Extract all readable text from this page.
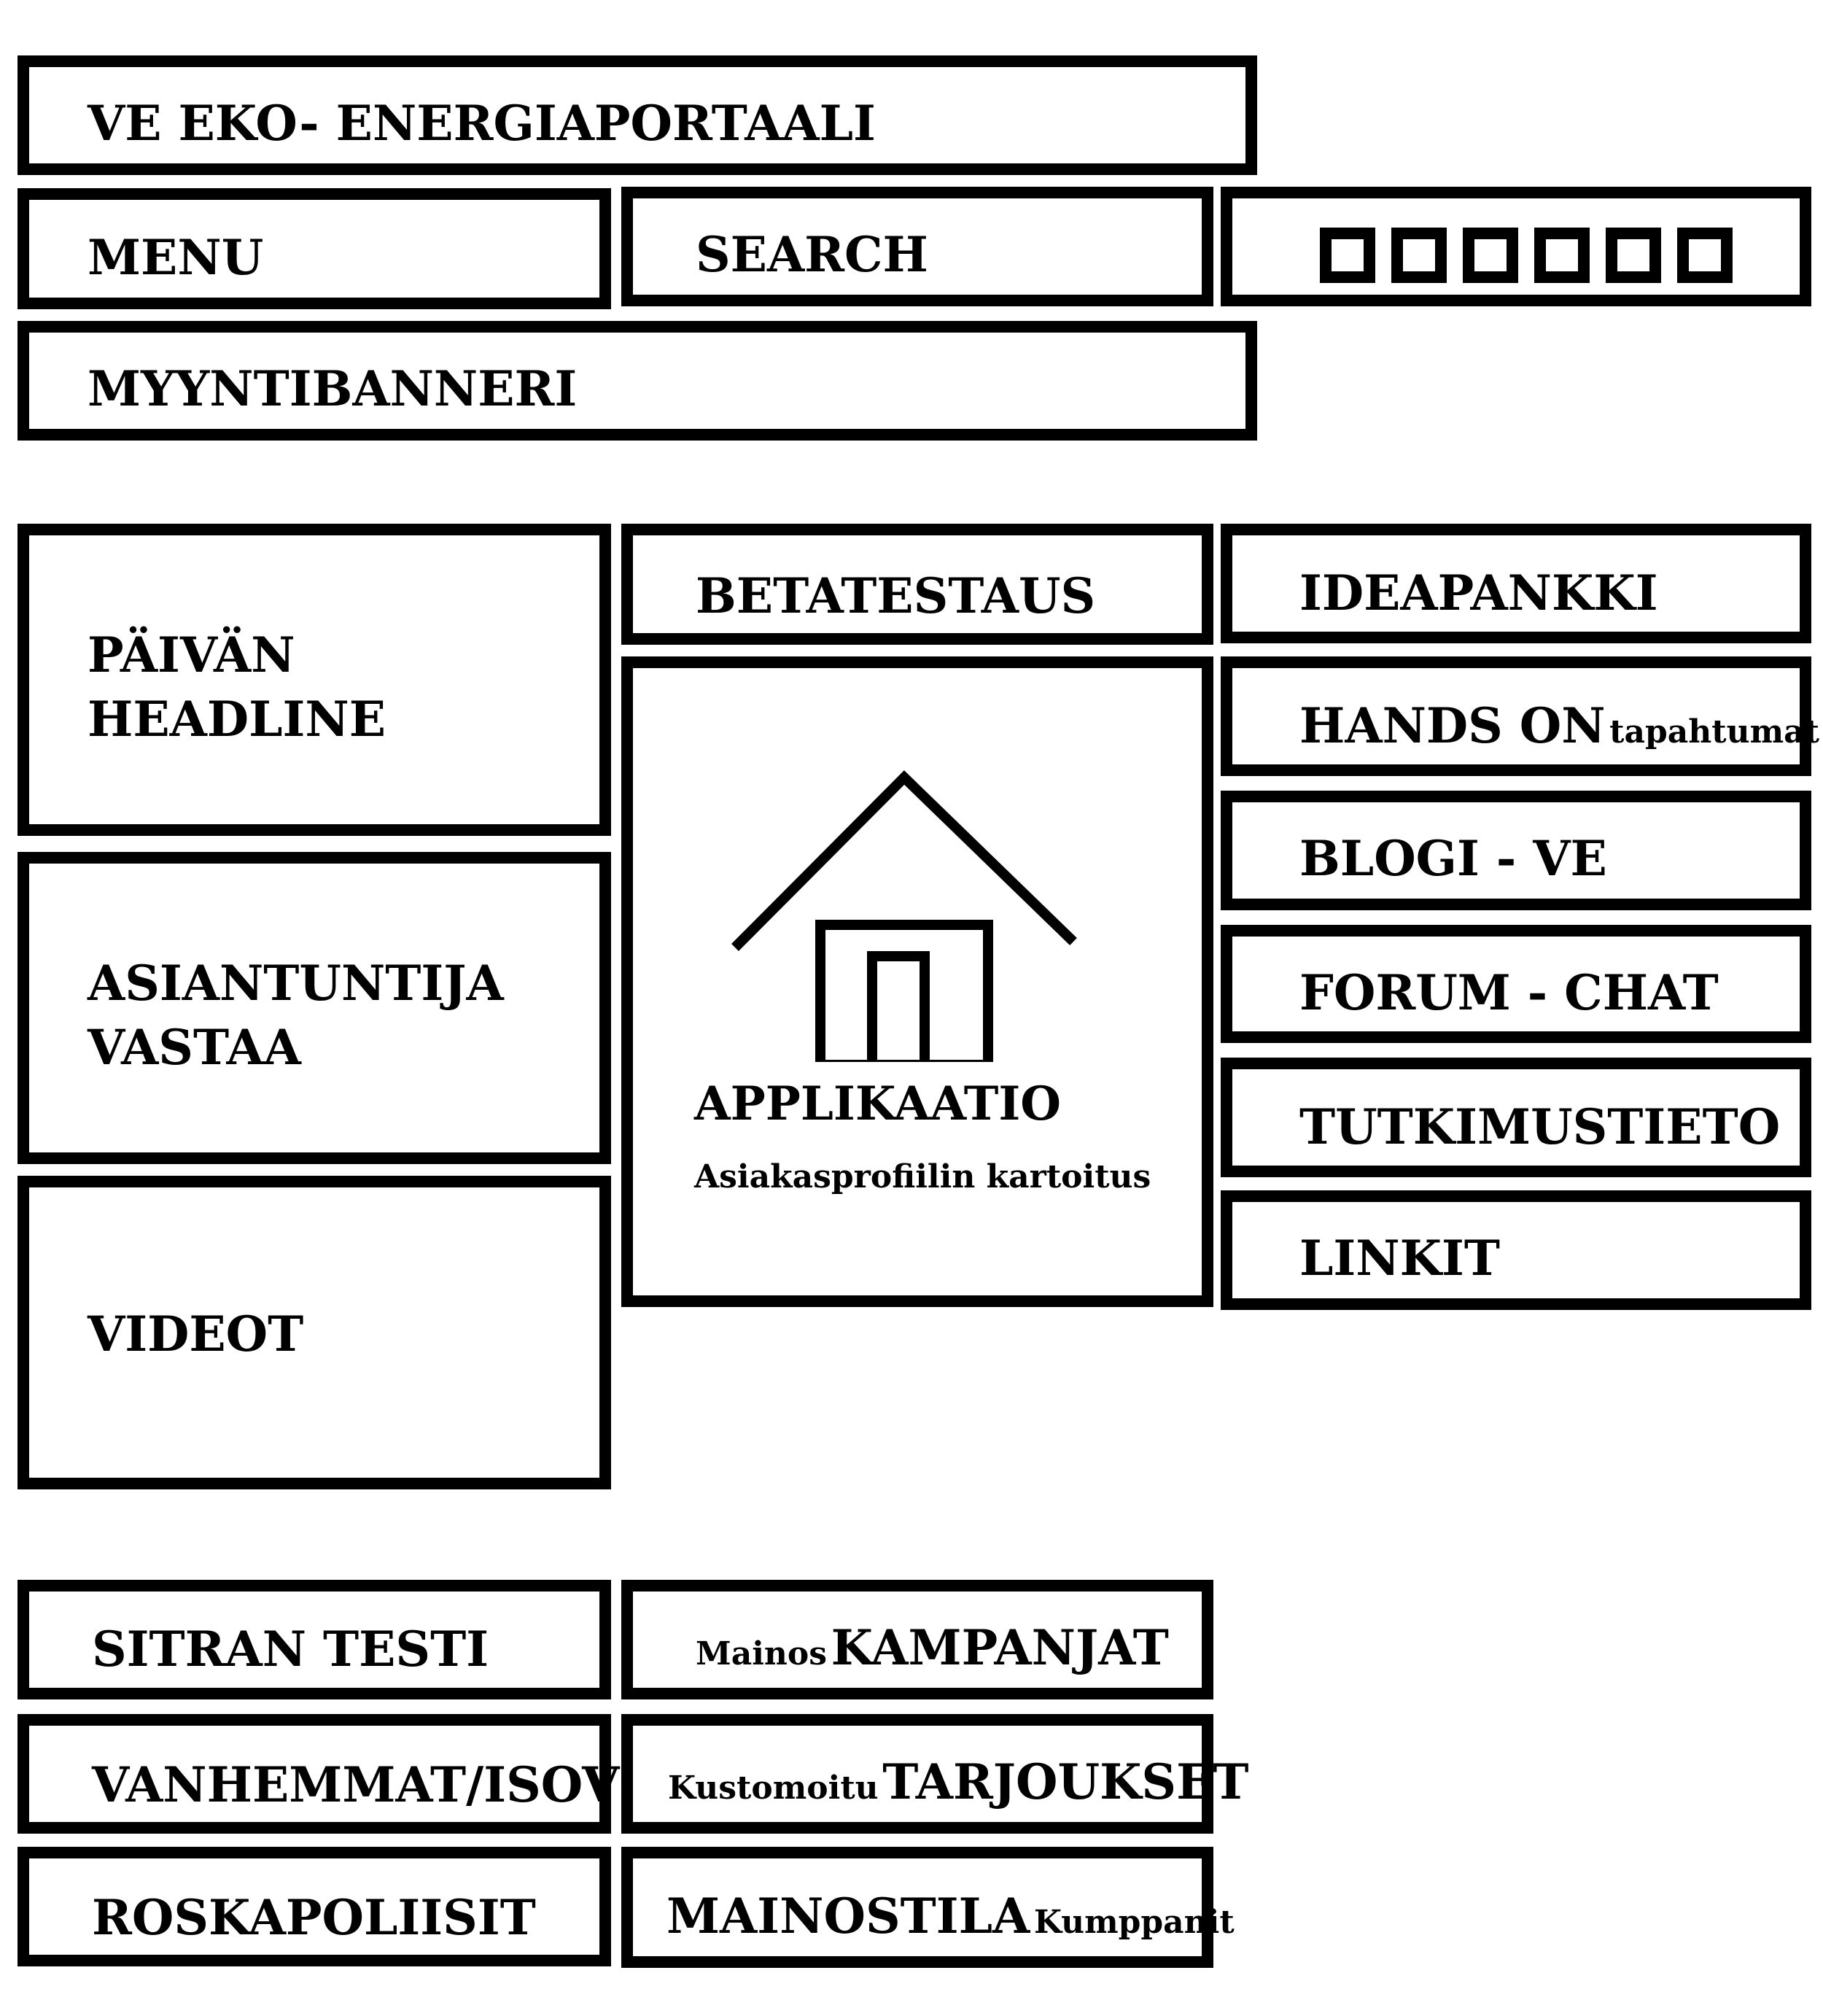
VE EKO- ENERGIAPORTAALI
MENU	SEARCH
MYYNTIBANNERI
PÄIVÄN
HEADLINE
ASIANTUNTIJA
VASTAA
VIDEOT
BETATESTAUS
APPLIKAATIO
Asiakasprofiilin kartoitus
IDEAPANKKI
HANDS ON tapahtumat
BLOGI - VE
FORUM - CHAT
TUTKIMUSTIETO
LINKIT
SITRAN TESTI
VANHEMMAT/ISOV
ROSKAPOLIISIT
Mainos KAMPANJAT
Kustomoitu TARJOUKSET
MAINOSTILA Kumppanit
